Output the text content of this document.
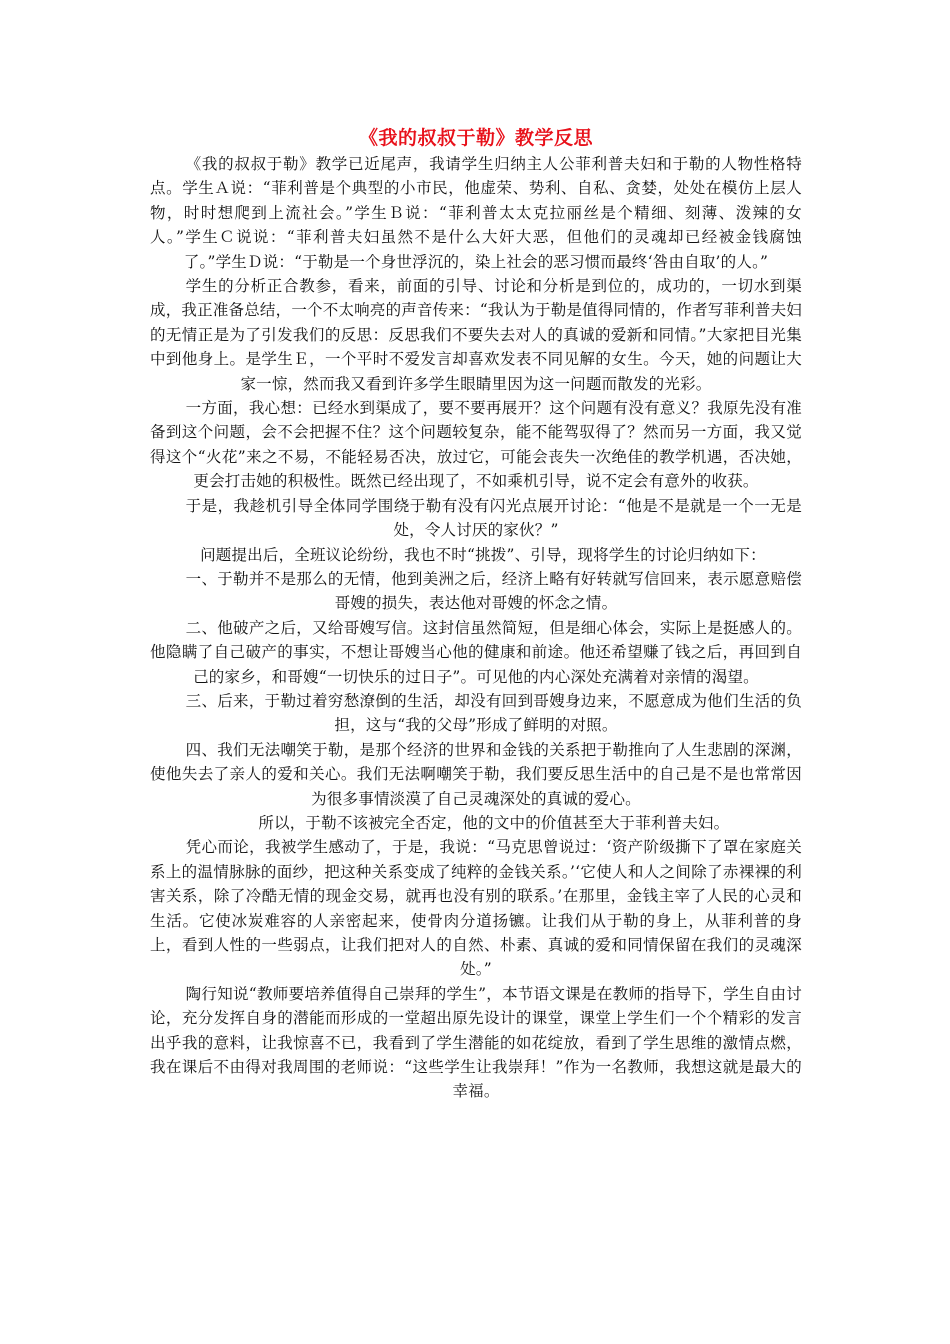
《我的叔叔于勒》教学反思

《我的叔叔于勒》教学已近尾声，我请学生归纳主人公菲利普夫妇和于勒的人物性格特点。学生Ａ说：“菲利普是个典型的小市民，他虚荣、势利、自私、贪婪，处处在模仿上层人物，时时想爬到上流社会。”学生Ｂ说：“菲利普太太克拉丽丝是个精细、刻薄、泼辣的女人。”学生Ｃ说说：“菲利普夫妇虽然不是什么大奸大恶，但他们的灵魂却已经被金钱腐蚀了。”学生Ｄ说：“于勒是一个身世浮沉的，染上社会的恶习惯而最终‘咎由自取’的人。”

学生的分析正合教参，看来，前面的引导、讨论和分析是到位的，成功的，一切水到渠成，我正准备总结，一个不太响亮的声音传来：“我认为于勒是值得同情的，作者写菲利普夫妇的无情正是为了引发我们的反思：反思我们不要失去对人的真诚的爱新和同情。”大家把目光集中到他身上。是学生Ｅ，一个平时不爱发言却喜欢发表不同见解的女生。今天，她的问题让大家一惊，然而我又看到许多学生眼睛里因为这一问题而散发的光彩。

一方面，我心想：已经水到渠成了，要不要再展开？这个问题有没有意义？我原先没有准备到这个问题，会不会把握不住？这个问题较复杂，能不能驾驭得了？然而另一方面，我又觉得这个“火花”来之不易，不能轻易否决，放过它，可能会丧失一次绝佳的教学机遇，否决她，更会打击她的积极性。既然已经出现了，不如乘机引导，说不定会有意外的收获。

于是，我趁机引导全体同学围绕于勒有没有闪光点展开讨论：“他是不是就是一个一无是处，令人讨厌的家伙？”

问题提出后，全班议论纷纷，我也不时“挑拨”、引导，现将学生的讨论归纳如下：

一、于勒并不是那么的无情，他到美洲之后，经济上略有好转就写信回来，表示愿意赔偿哥嫂的损失，表达他对哥嫂的怀念之情。

二、他破产之后，又给哥嫂写信。这封信虽然简短，但是细心体会，实际上是挺感人的。他隐瞒了自己破产的事实，不想让哥嫂当心他的健康和前途。他还希望赚了钱之后，再回到自己的家乡，和哥嫂“一切快乐的过日子”。可见他的内心深处充满着对亲情的渴望。

三、后来，于勒过着穷愁潦倒的生活，却没有回到哥嫂身边来，不愿意成为他们生活的负担，这与“我的父母”形成了鲜明的对照。

四、我们无法嘲笑于勒，是那个经济的世界和金钱的关系把于勒推向了人生悲剧的深渊，使他失去了亲人的爱和关心。我们无法啊嘲笑于勒，我们要反思生活中的自己是不是也常常因为很多事情淡漠了自己灵魂深处的真诚的爱心。

所以，于勒不该被完全否定，他的文中的价值甚至大于菲利普夫妇。

凭心而论，我被学生感动了，于是，我说：“马克思曾说过：‘资产阶级撕下了罩在家庭关系上的温情脉脉的面纱，把这种关系变成了纯粹的金钱关系。’‘它使人和人之间除了赤裸裸的利害关系，除了冷酷无情的现金交易，就再也没有别的联系。’在那里，金钱主宰了人民的心灵和生活。它使冰炭难容的人亲密起来，使骨肉分道扬镳。让我们从于勒的身上，从菲利普的身上，看到人性的一些弱点，让我们把对人的自然、朴素、真诚的爱和同情保留在我们的灵魂深处。”

陶行知说“教师要培养值得自己崇拜的学生”，本节语文课是在教师的指导下，学生自由讨论，充分发挥自身的潜能而形成的一堂超出原先设计的课堂，课堂上学生们一个个精彩的发言出乎我的意料，让我惊喜不已，我看到了学生潜能的如花绽放，看到了学生思维的激情点燃，我在课后不由得对我周围的老师说：“这些学生让我崇拜！”作为一名教师，我想这就是最大的幸福。
